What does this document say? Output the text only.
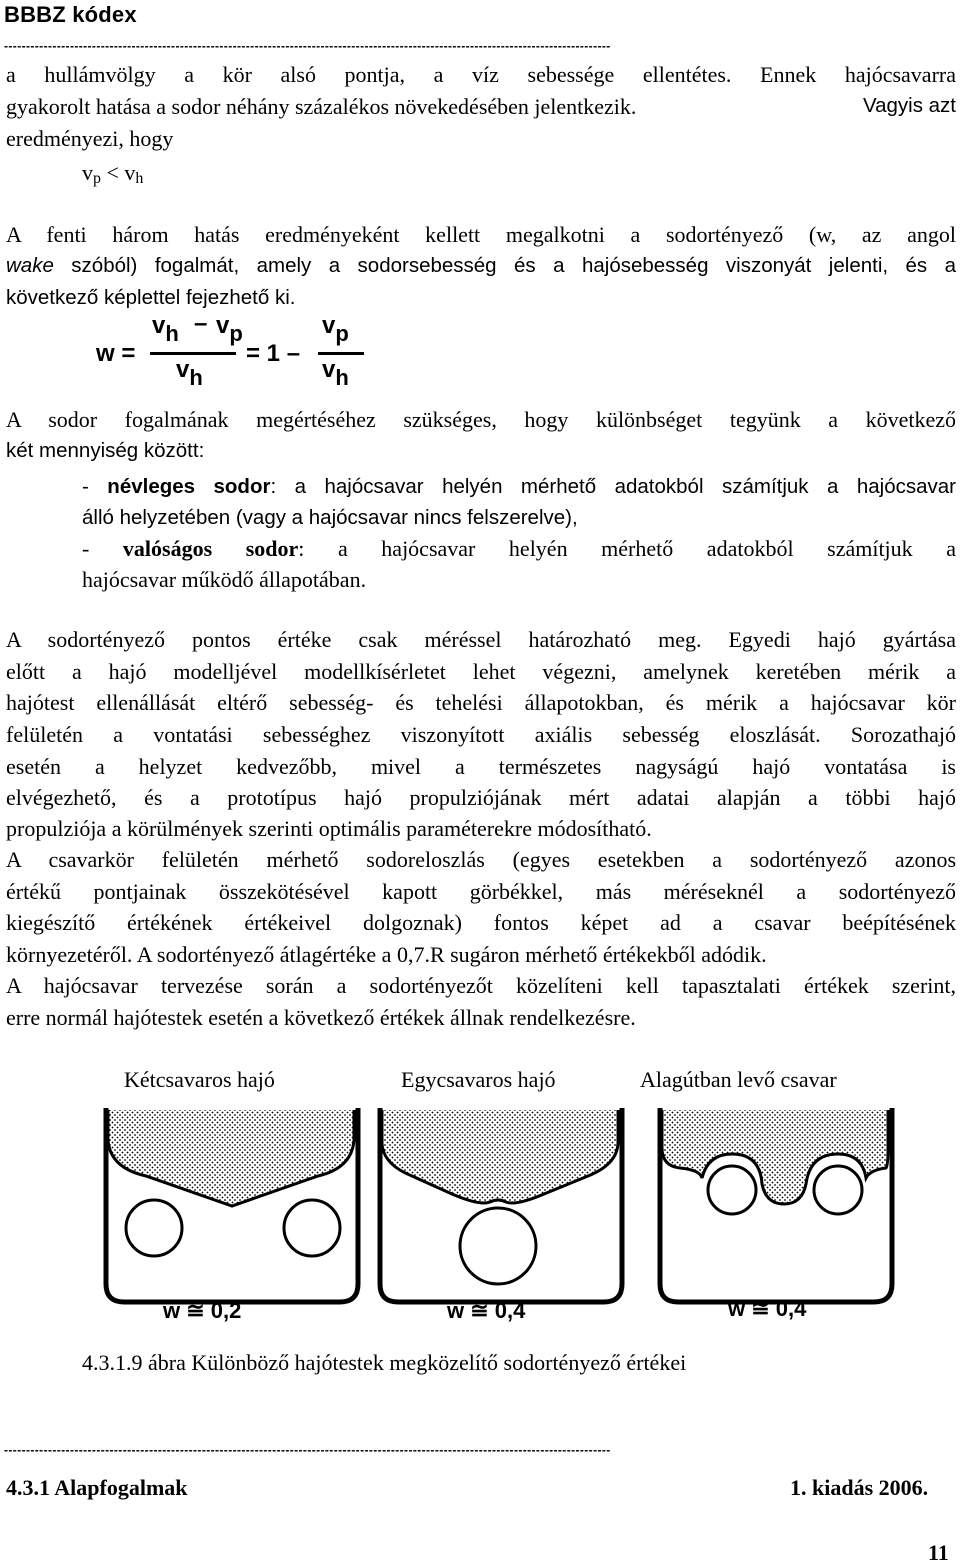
BBBZ kódex
------------------------------------------------------------------------------------------------------------------------------------------
a hullámvölgy a kör alsó pontja, a víz sebessége ellentétes. Ennek hajócsavarra
gyakorolt hatása a sodor néhány százalékos növekedésében jelentkezik.	Vagyis azt
eredményezi, hogy
vp < vh
A fenti három hatás eredményeként kellett megalkotni a sodortényező (w, az angol
wake szóból) fogalmát, amely a sodorsebesség és a hajósebesség viszonyát jelenti, és a
következő képlettel fejezhető ki.
w =
vh – vp
vh
= 1 –
vp
vh
A sodor fogalmának megértéséhez szükséges, hogy különbséget tegyünk a következő
két mennyiség között:
- névleges sodor: a hajócsavar helyén mérhető adatokból számítjuk a hajócsavar
álló helyzetében (vagy a hajócsavar nincs felszerelve),
- valóságos sodor: a hajócsavar helyén mérhető adatokból számítjuk a
hajócsavar működő állapotában.
A sodortényező pontos értéke csak méréssel határozható meg. Egyedi hajó gyártása
előtt a hajó modelljével modellkísérletet lehet végezni, amelynek keretében mérik a
hajótest ellenállását eltérő sebesség- és tehelési állapotokban, és mérik a hajócsavar kör
felületén a vontatási sebességhez viszonyított axiális sebesség eloszlását. Sorozathajó
esetén a helyzet kedvezőbb, mivel a természetes nagyságú hajó vontatása is
elvégezhető, és a prototípus hajó propulziójának mért adatai alapján a többi hajó
propulziója a körülmények szerinti optimális paraméterekre módosítható.
A csavarkör felületén mérhető sodoreloszlás (egyes esetekben a sodortényező azonos
értékű pontjainak összekötésével kapott görbékkel, más méréseknél a sodortényező
kiegészítő értékének értékeivel dolgoznak) fontos képet ad a csavar beépítésének
környezetéről. A sodortényező átlagértéke a 0,7.R sugáron mérhető értékekből adódik.
A hajócsavar tervezése során a sodortényezőt közelíteni kell tapasztalati értékek szerint,
erre normál hajótestek esetén a következő értékek állnak rendelkezésre.
Kétcsavaros hajó	Egycsavaros hajó	Alagútban levő csavar
w ≅ 0,2	w ≅ 0,4	w ≅ 0,4
4.3.1.9 ábra Különböző hajótestek megközelítő sodortényező értékei
------------------------------------------------------------------------------------------------------------------------------------------
4.3.1 Alapfogalmak	1. kiadás 2006.
11
